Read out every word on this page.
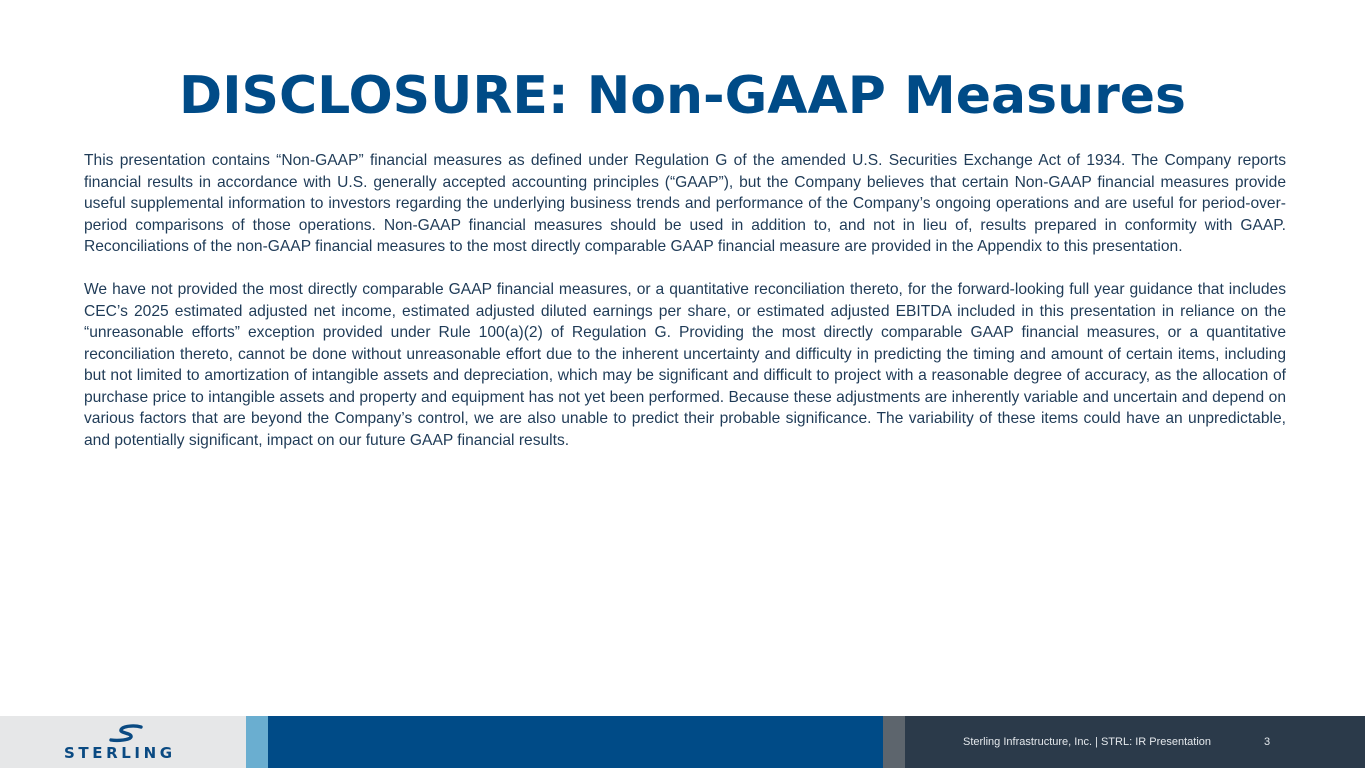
DISCLOSURE: Non-GAAP Measures

This presentation contains “Non-GAAP” financial measures as defined under Regulation G of the amended U.S. Securities Exchange Act of 1934. The Company reports financial results in accordance with U.S. generally accepted accounting principles (“GAAP”), but the Company believes that certain Non-GAAP financial measures provide useful supplemental information to investors regarding the underlying business trends and performance of the Company’s ongoing operations and are useful for period-over-period comparisons of those operations. Non-GAAP financial measures should be used in addition to, and not in lieu of, results prepared in conformity with GAAP. Reconciliations of the non-GAAP financial measures to the most directly comparable GAAP financial measure are provided in the Appendix to this presentation.

We have not provided the most directly comparable GAAP financial measures, or a quantitative reconciliation thereto, for the forward-looking full year guidance that includes CEC’s 2025 estimated adjusted net income, estimated adjusted diluted earnings per share, or estimated adjusted EBITDA included in this presentation in reliance on the “unreasonable efforts” exception provided under Rule 100(a)(2) of Regulation G. Providing the most directly comparable GAAP financial measures, or a quantitative reconciliation thereto, cannot be done without unreasonable effort due to the inherent uncertainty and difficulty in predicting the timing and amount of certain items, including but not limited to amortization of intangible assets and depreciation, which may be significant and difficult to project with a reasonable degree of accuracy, as the allocation of purchase price to intangible assets and property and equipment has not yet been performed. Because these adjustments are inherently variable and uncertain and depend on various factors that are beyond the Company’s control, we are also unable to predict their probable significance. The variability of these items could have an unpredictable, and potentially significant, impact on our future GAAP financial results.

STERLING
Sterling Infrastructure, Inc. | STRL: IR Presentation	3
